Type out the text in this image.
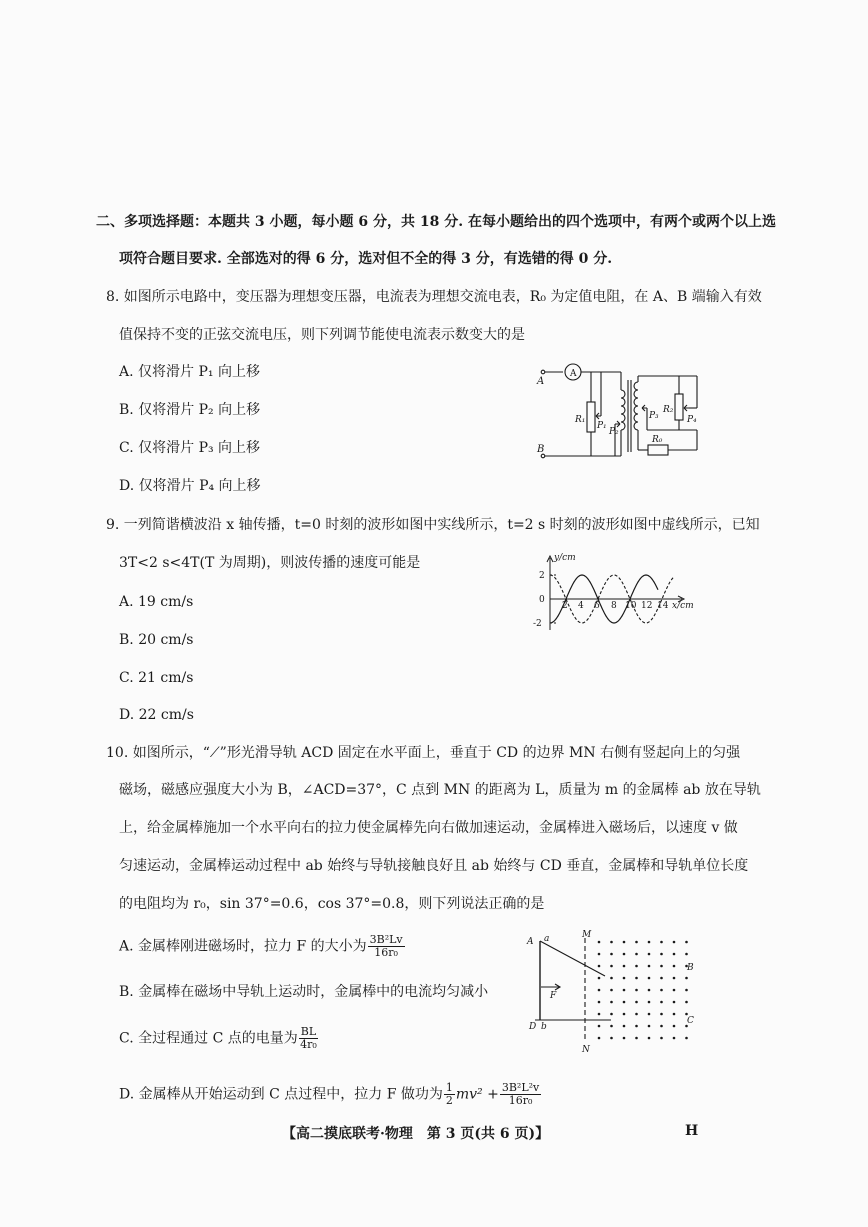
二、多项选择题：本题共 3 小题，每小题 6 分，共 18 分. 在每小题给出的四个选项中，有两个或两个以上选
项符合题目要求. 全部选对的得 6 分，选对但不全的得 3 分，有选错的得 0 分.
8. 如图所示电路中，变压器为理想变压器，电流表为理想交流电表，R₀ 为定值电阻，在 A、B 端输入有效
值保持不变的正弦交流电压，则下列调节能使电流表示数变大的是
A. 仅将滑片 P₁ 向上移
B. 仅将滑片 P₂ 向上移
C. 仅将滑片 P₃ 向上移
D. 仅将滑片 P₄ 向上移
A
B
A
R₁
P₁
P₂
P₃
R₂
P₄
R₀
9. 一列简谐横波沿 x 轴传播，t=0 时刻的波形如图中实线所示，t=2 s 时刻的波形如图中虚线所示，已知
3T<2 s<4T(T 为周期)，则波传播的速度可能是
A. 19 cm/s
B. 20 cm/s
C. 21 cm/s
D. 22 cm/s
y/cm
x/cm
2
0
-2
2 4 6 8 10 12 14
10. 如图所示，“⟋”形光滑导轨 ACD 固定在水平面上，垂直于 CD 的边界 MN 右侧有竖起向上的匀强
磁场，磁感应强度大小为 B，∠ACD=37°，C 点到 MN 的距离为 L，质量为 m 的金属棒 ab 放在导轨
上，给金属棒施加一个水平向右的拉力使金属棒先向右做加速运动，金属棒进入磁场后，以速度 v 做
匀速运动，金属棒运动过程中 ab 始终与导轨接触良好且 ab 始终与 CD 垂直，金属棒和导轨单位长度
的电阻均为 r₀，sin 37°=0.6，cos 37°=0.8，则下列说法正确的是
A. 金属棒刚进磁场时，拉力 F 的大小为 $\frac{\text{3B²Lv}}{\text{16r₀}}$
B. 金属棒在磁场中导轨上运动时，金属棒中的电流均匀减小
C. 全过程通过 C 点的电量为 $\frac{BL}{\text{4r₀}}$
D. 金属棒从开始运动到 C 点过程中，拉力 F 做功为 $\frac{1}{2} mv^2 + \frac{\text{3B²L²v}}{\text{16r₀}}$
A a	M
B
F
C
D b
N
【高二摸底联考·物理　第 3 页(共 6 页)】	H
